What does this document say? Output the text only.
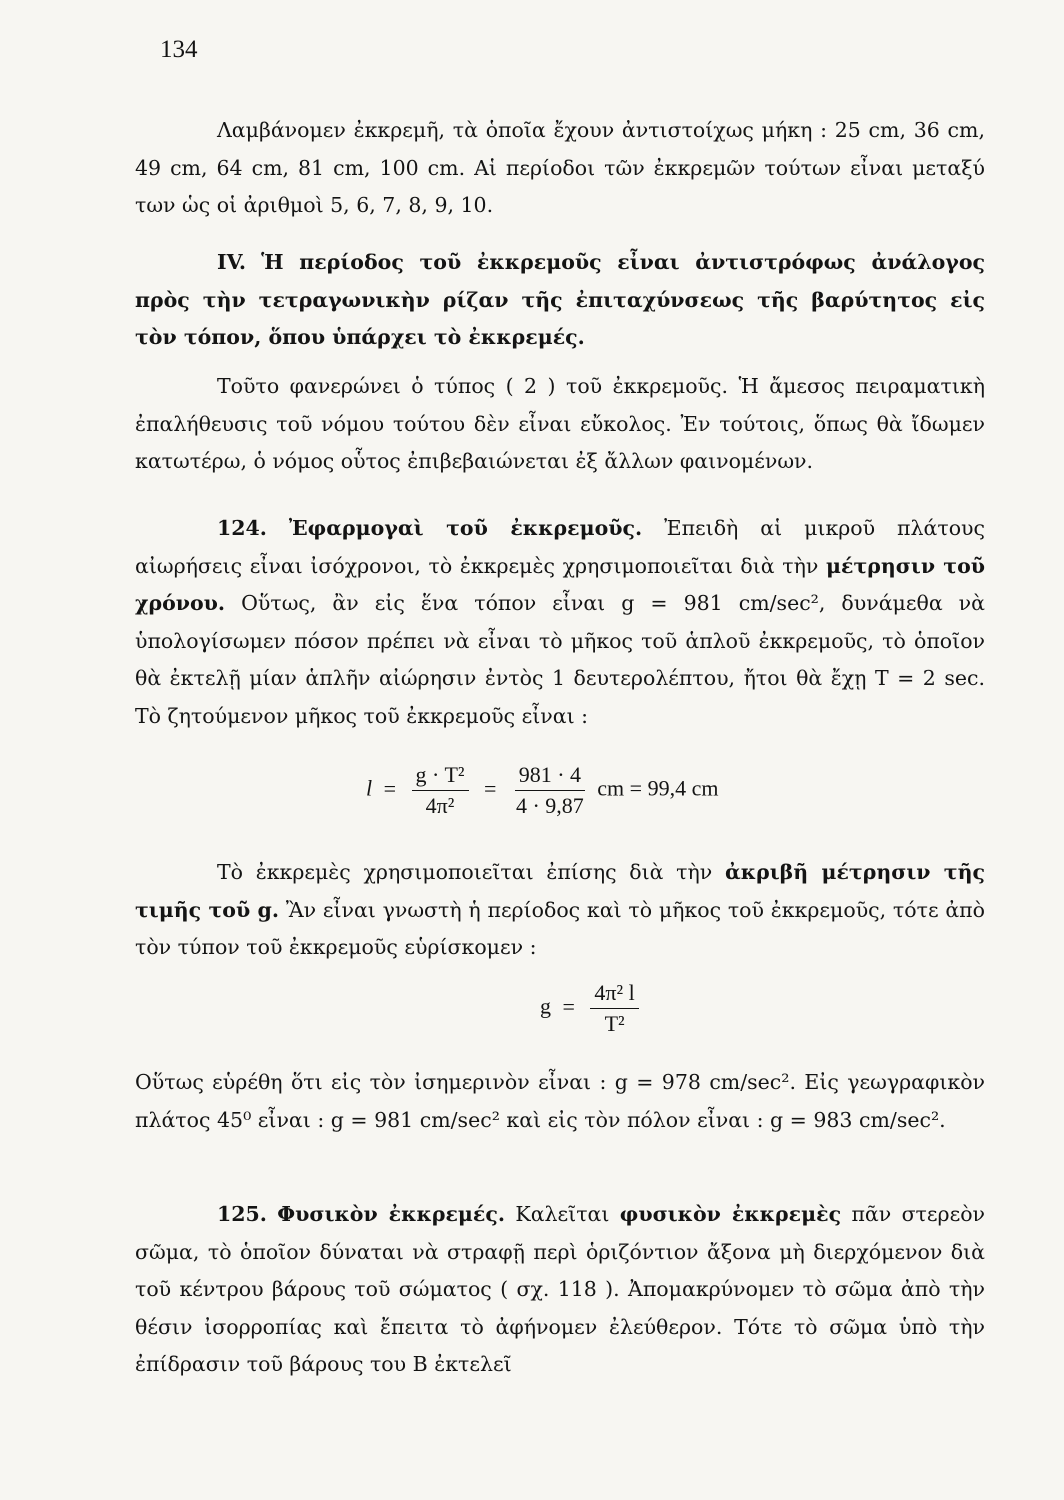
134

Λαμβάνομεν ἐκκρεμῆ, τὰ ὁποῖα ἔχουν ἀντιστοίχως μήκη : 25 cm, 36 cm, 49 cm, 64 cm, 81 cm, 100 cm. Αἱ περίοδοι τῶν ἐκκρεμῶν τούτων εἶναι μεταξύ των ὡς οἱ ἀριθμοὶ 5, 6, 7, 8, 9, 10.

IV. Ἡ περίοδος τοῦ ἐκκρεμοῦς εἶναι ἀντιστρόφως ἀνάλογος πρὸς τὴν τετραγωνικὴν ρίζαν τῆς ἐπιταχύνσεως τῆς βαρύτητος εἰς τὸν τόπον, ὅπου ὑπάρχει τὸ ἐκκρεμές.

Τοῦτο φανερώνει ὁ τύπος ( 2 ) τοῦ ἐκκρεμοῦς. Ἡ ἄμεσος πειραματικὴ ἐπαλήθευσις τοῦ νόμου τούτου δὲν εἶναι εὔκολος. Ἐν τούτοις, ὅπως θὰ ἴδωμεν κατωτέρω, ὁ νόμος οὗτος ἐπιβεβαιώνεται ἐξ ἄλλων φαινομένων.

124. Ἐφαρμογαὶ τοῦ ἐκκρεμοῦς. Ἐπειδὴ αἱ μικροῦ πλάτους αἰωρήσεις εἶναι ἰσόχρονοι, τὸ ἐκκρεμὲς χρησιμοποιεῖται διὰ τὴν μέτρησιν τοῦ χρόνου. Οὕτως, ἂν εἰς ἕνα τόπον εἶναι g = 981 cm/sec², δυνάμεθα νὰ ὑπολογίσωμεν πόσον πρέπει νὰ εἶναι τὸ μῆκος τοῦ ἁπλοῦ ἐκκρεμοῦς, τὸ ὁποῖον θὰ ἐκτελῇ μίαν ἁπλῆν αἰώρησιν ἐντὸς 1 δευτερολέπτου, ἤτοι θὰ ἔχῃ T = 2 sec. Τὸ ζητούμενον μῆκος τοῦ ἐκκρεμοῦς εἶναι :

$l = \frac{\text{g · T²}}{\text{4π²}} = \frac{981 \cdot 4}{4 \cdot 9,87}$ cm = 99,4 cm

Τὸ ἐκκρεμὲς χρησιμοποιεῖται ἐπίσης διὰ τὴν ἀκριβῆ μέτρησιν τῆς τιμῆς τοῦ g. Ἂν εἶναι γνωστὴ ἡ περίοδος καὶ τὸ μῆκος τοῦ ἐκκρεμοῦς, τότε ἀπὸ τὸν τύπον τοῦ ἐκκρεμοῦς εὑρίσκομεν :

$g = \frac{\text{4π² l}}{\text{T²}}$

Οὕτως εὑρέθη ὅτι εἰς τὸν ἰσημερινὸν εἶναι : g = 978 cm/sec². Εἰς γεωγραφικὸν πλάτος 45⁰ εἶναι : g = 981 cm/sec² καὶ εἰς τὸν πόλον εἶναι : g = 983 cm/sec².

125. Φυσικὸν ἐκκρεμές. Καλεῖται φυσικὸν ἐκκρεμὲς πᾶν στερεὸν σῶμα, τὸ ὁποῖον δύναται νὰ στραφῇ περὶ ὁριζόντιον ἄξονα μὴ διερχόμενον διὰ τοῦ κέντρου βάρους τοῦ σώματος ( σχ. 118 ). Ἀπομακρύνομεν τὸ σῶμα ἀπὸ τὴν θέσιν ἰσορροπίας καὶ ἔπειτα τὸ ἀφήνομεν ἐλεύθερον. Τότε τὸ σῶμα ὑπὸ τὴν ἐπίδρασιν τοῦ βάρους του Β ἐκτελεῖ
